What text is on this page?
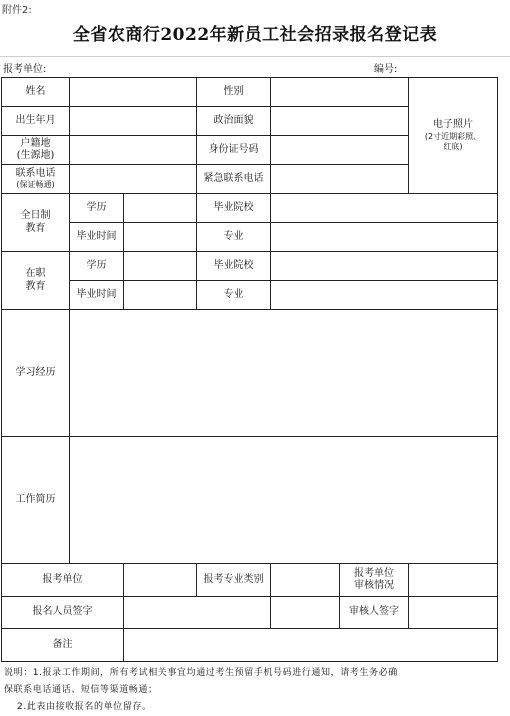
附件2:
全省农商行2022年新员工社会招录报名登记表
报考单位:	编号:
姓名			性别		电子照片
(2寸近期彩照、
红底)

出生年月			政治面貌		

户籍地
(生源地)			身份证号码		

联系电话
(保证畅通)			紧急联系电话		

全日制
教育	学历		毕业院校		
	毕业时间		专业		

在职
教育	学历		毕业院校		
	毕业时间		专业		
学习经历					
工作简历					
报考单位			报考专业类别	报考单位
审核情况	

报名人员签字				审核人签字	

备注					
说明：1.报录工作期间，所有考试相关事宜均通过考生预留手机号码进行通知，请考生务必确
保联系电话通话、短信等渠道畅通；
2.此表由接收报名的单位留存。
